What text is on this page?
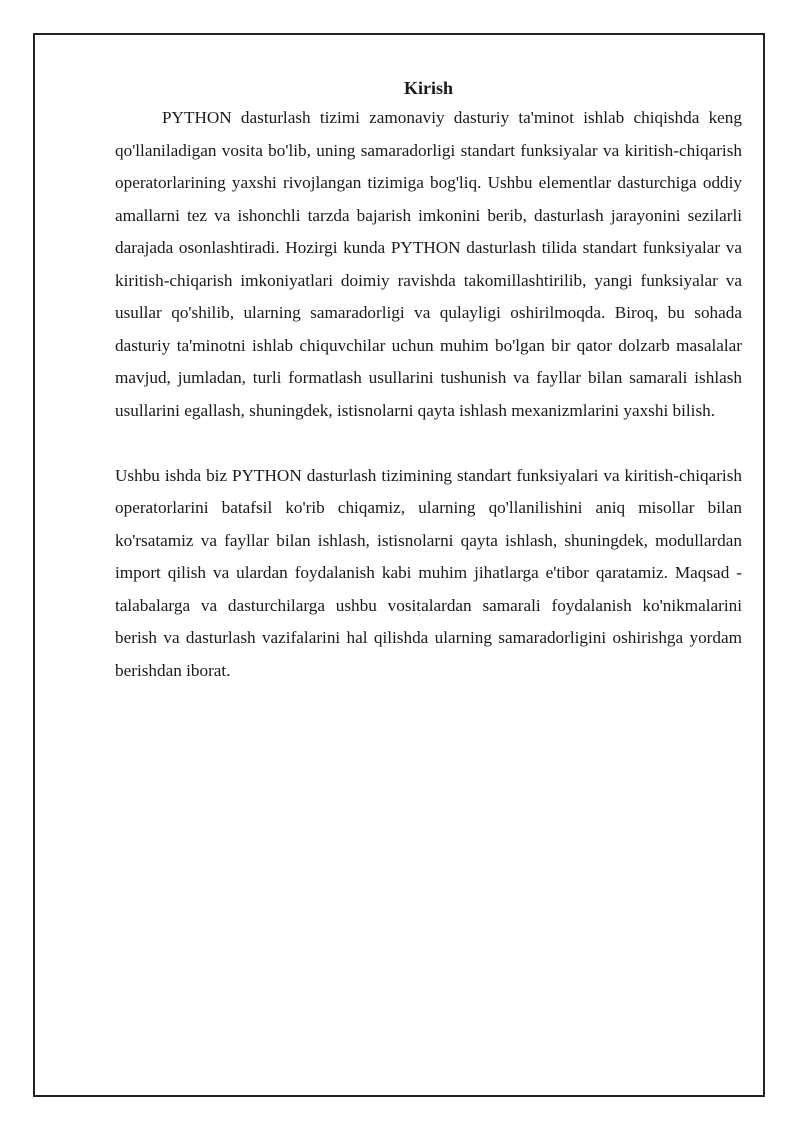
Kirish

PYTHON dasturlash tizimi zamonaviy dasturiy ta'minot ishlab chiqishda keng qo'llaniladigan vosita bo'lib, uning samaradorligi standart funksiyalar va kiritish-chiqarish operatorlarining yaxshi rivojlangan tizimiga bog'liq. Ushbu elementlar dasturchiga oddiy amallarni tez va ishonchli tarzda bajarish imkonini berib, dasturlash jarayonini sezilarli darajada osonlashtiradi. Hozirgi kunda PYTHON dasturlash tilida standart funksiyalar va kiritish-chiqarish imkoniyatlari doimiy ravishda takomillashtirilib, yangi funksiyalar va usullar qo'shilib, ularning samaradorligi va qulayligi oshirilmoqda. Biroq, bu sohada dasturiy ta'minotni ishlab chiquvchilar uchun muhim bo'lgan bir qator dolzarb masalalar mavjud, jumladan, turli formatlash usullarini tushunish va fayllar bilan samarali ishlash usullarini egallash, shuningdek, istisnolarni qayta ishlash mexanizmlarini yaxshi bilish.

Ushbu ishda biz PYTHON dasturlash tizimining standart funksiyalari va kiritish-chiqarish operatorlarini batafsil ko'rib chiqamiz, ularning qo'llanilishini aniq misollar bilan ko'rsatamiz va fayllar bilan ishlash, istisnolarni qayta ishlash, shuningdek, modullardan import qilish va ulardan foydalanish kabi muhim jihatlarga e'tibor qaratamiz. Maqsad - talabalarga va dasturchilarga ushbu vositalardan samarali foydalanish ko'nikmalarini berish va dasturlash vazifalarini hal qilishda ularning samaradorligini oshirishga yordam berishdan iborat.
